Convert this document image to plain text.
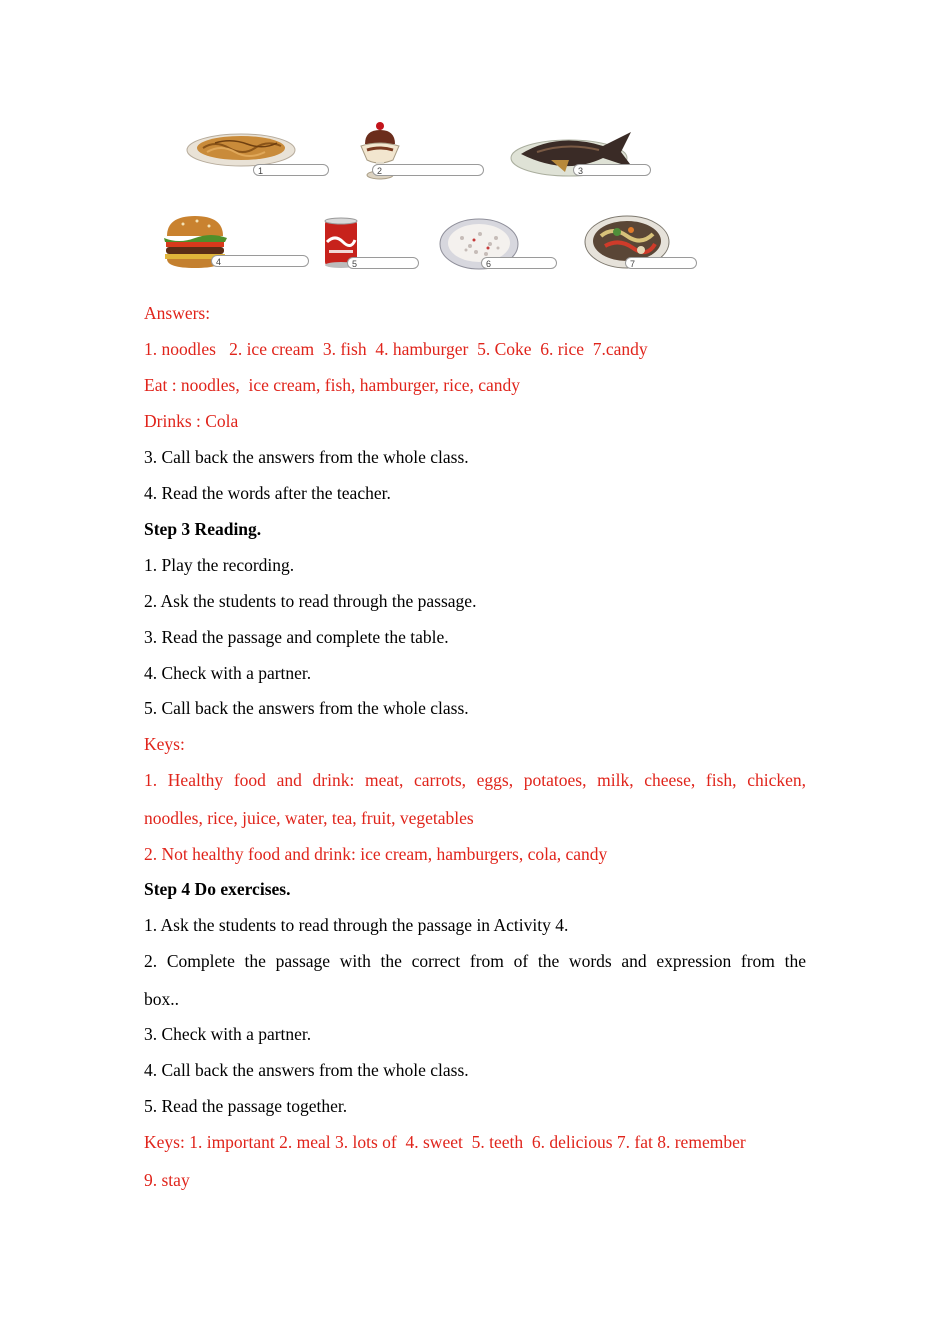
1	2	3
4	5	6	7
Answers:
1. noodles   2. ice cream  3. fish  4. hamburger  5. Coke  6. rice  7.candy
Eat : noodles,  ice cream, fish, hamburger, rice, candy
Drinks : Cola
3. Call back the answers from the whole class.
4. Read the words after the teacher.
Step 3 Reading.
1. Play the recording.
2. Ask the students to read through the passage.
3. Read the passage and complete the table.
4. Check with a partner.
5. Call back the answers from the whole class.
Keys:
1. Healthy food and drink: meat, carrots, eggs, potatoes, milk, cheese, fish, chicken,
noodles, rice, juice, water, tea, fruit, vegetables
2. Not healthy food and drink: ice cream, hamburgers, cola, candy
Step 4 Do exercises.
1. Ask the students to read through the passage in Activity 4.
2. Complete the passage with the correct from of the words and expression from the
box..
3. Check with a partner.
4. Call back the answers from the whole class.
5. Read the passage together.
Keys: 1. important 2. meal 3. lots of  4. sweet  5. teeth  6. delicious 7. fat 8. remember
9. stay
